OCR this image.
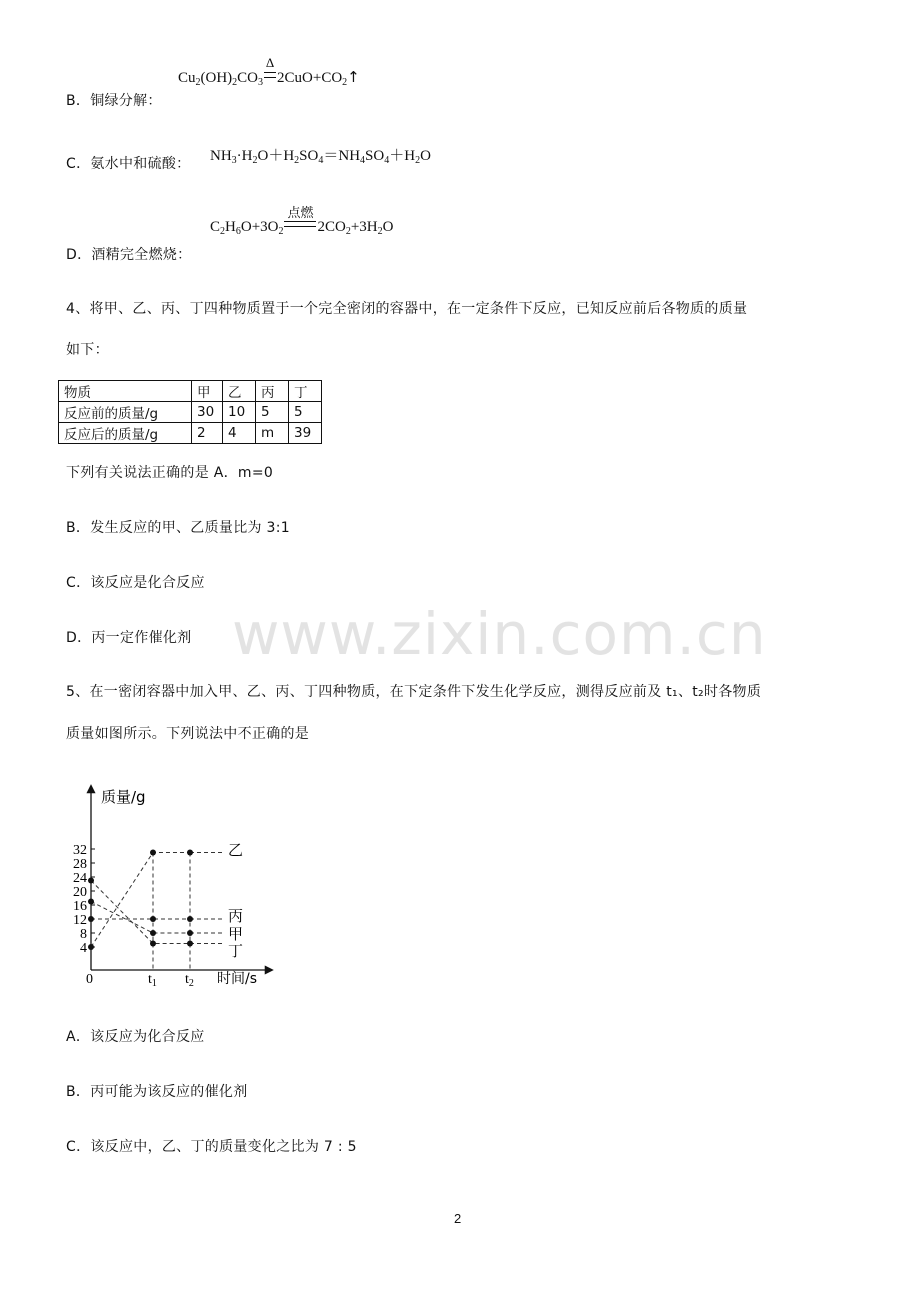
B．铜绿分解：
$Cu_2(OH)_2CO_3$
Δ
$2CuO+CO_2↑$
C．氨水中和硫酸： $NH_3\cdot H_2O+H_2SO_4=NH_4SO_4+H_2O$
D．酒精完全燃烧：
$C_2H_6O+3O_2$
点燃
$2CO_2+3H_2O$
4、将甲、乙、丙、丁四种物质置于一个完全密闭的容器中，在一定条件下反应，已知反应前后各物质的质量
如下：
物质	甲	乙	丙	丁
反应前的质量/g	30	10	5	5
反应后的质量/g	2	4	m	39
下列有关说法正确的是 A．m=0
B．发生反应的甲、乙质量比为 3:1
C．该反应是化合反应
D．丙一定作催化剂 www.zixin.com.cn
5、在一密闭容器中加入甲、乙、丙、丁四种物质，在下定条件下发生化学反应，测得反应前及 t₁、t₂时各物质
质量如图所示。下列说法中不正确的是
质量/g
时间/s
4
8
12
16
20
24
28
32
0	$t_1$ $t_2$
乙
丙
甲
丁
A．该反应为化合反应
B．丙可能为该反应的催化剂
C．该反应中，乙、丁的质量变化之比为 7 : 5
2
